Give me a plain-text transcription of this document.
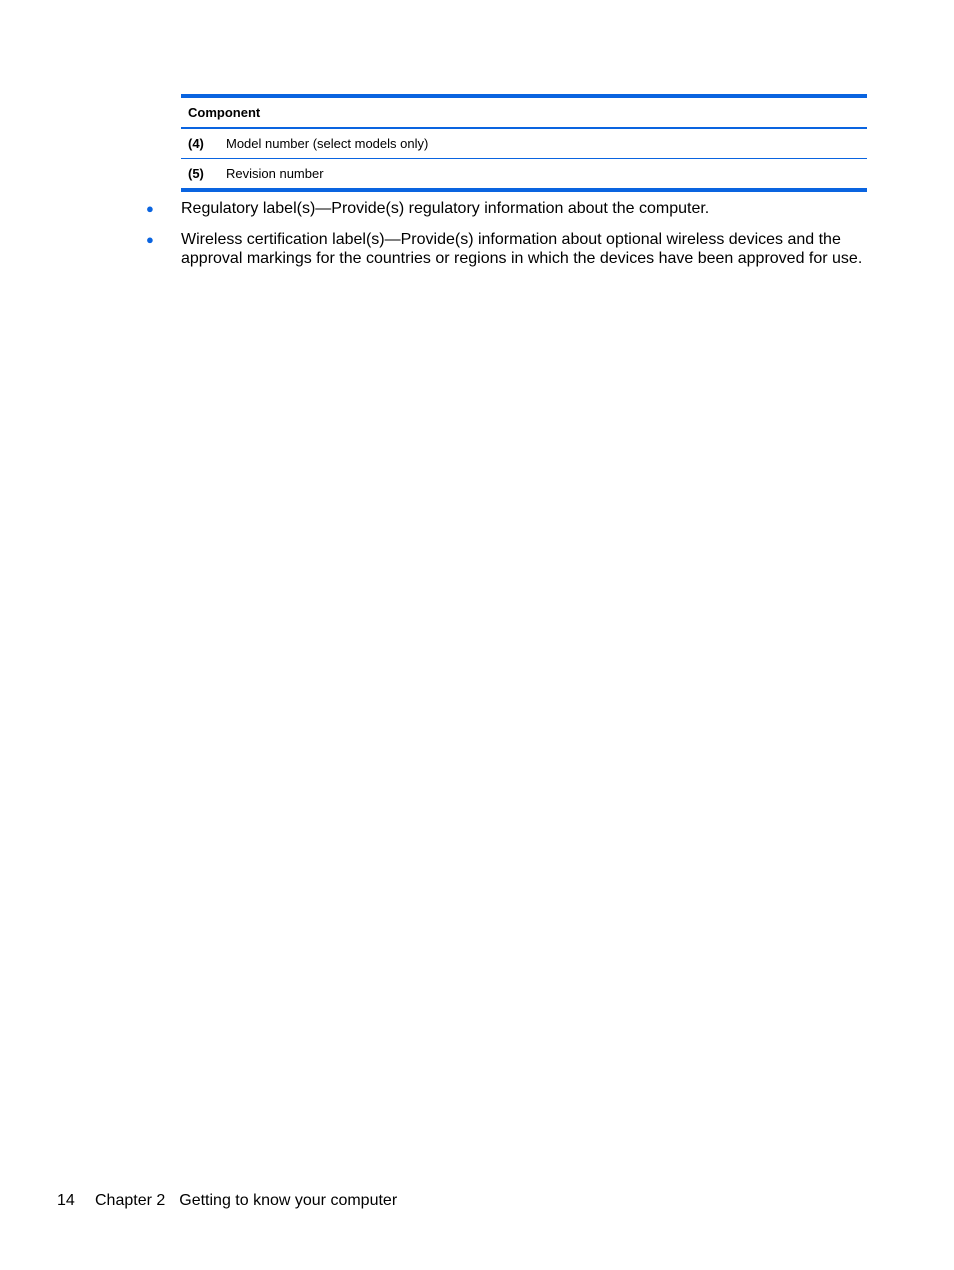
Component
(4)	Model number (select models only)
(5)	Revision number
●	Regulatory label(s)—Provide(s) regulatory information about the computer.
●	Wireless certification label(s)—Provide(s) information about optional wireless devices and the approval markings for the countries or regions in which the devices have been approved for use.
14 Chapter 2 Getting to know your computer
